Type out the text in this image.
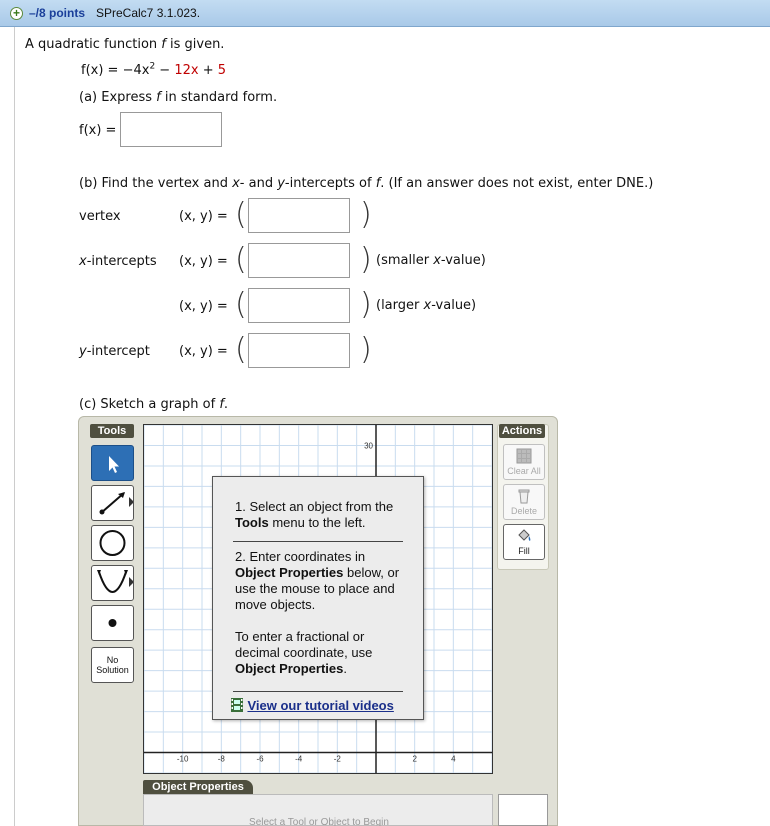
+ –/8 points SPreCalc7 3.1.023.
A quadratic function f is given.
$f(x) = -4x^2 - 12x + 5$
(a) Express f in standard form.
f(x) =
(b) Find the vertex and x- and y-intercepts of f. (If an answer does not exist, enter DNE.)
vertex	(x, y) = (	)
x-intercepts (x, y) = (	) (smaller x-value)
(x, y) = (	) (larger x-value)
y-intercept (x, y) = (	)
(c) Sketch a graph of f.
Tools
No Solution
-10	-8	-6	-4	-2	2	4
30

1. Select an object from the Tools menu to the left.

2. Enter coordinates in Object Properties below, or use the mouse to place and move objects.

To enter a fractional or decimal coordinate, use Object Properties.

View our tutorial videos
Actions
Clear All
Delete
Fill
Object Properties
Select a Tool or Object to Begin
